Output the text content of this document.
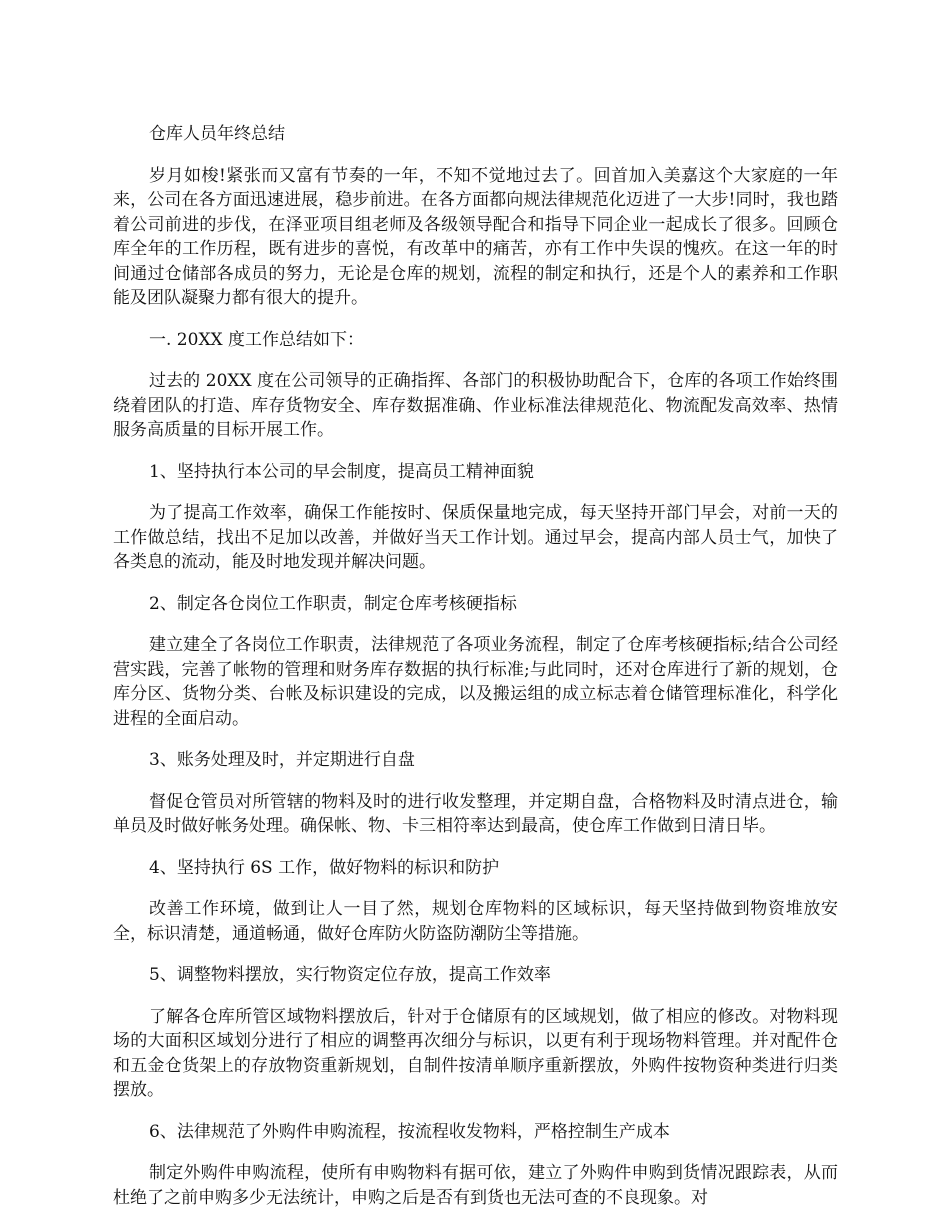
仓库人员年终总结

岁月如梭!紧张而又富有节奏的一年，不知不觉地过去了。回首加入美嘉这个大家庭的一年来，公司在各方面迅速进展，稳步前进。在各方面都向规法律规范化迈进了一大步!同时，我也踏着公司前进的步伐，在泽亚项目组老师及各级领导配合和指导下同企业一起成长了很多。回顾仓库全年的工作历程，既有进步的喜悦，有改革中的痛苦，亦有工作中失误的愧疚。在这一年的时间通过仓储部各成员的努力，无论是仓库的规划，流程的制定和执行，还是个人的素养和工作职能及团队凝聚力都有很大的提升。

一. 20XX 度工作总结如下：

过去的 20XX 度在公司领导的正确指挥、各部门的积极协助配合下，仓库的各项工作始终围绕着团队的打造、库存货物安全、库存数据准确、作业标准法律规范化、物流配发高效率、热情服务高质量的目标开展工作。

1、坚持执行本公司的早会制度，提高员工精神面貌

为了提高工作效率，确保工作能按时、保质保量地完成，每天坚持开部门早会，对前一天的工作做总结，找出不足加以改善，并做好当天工作计划。通过早会，提高内部人员士气，加快了各类息的流动，能及时地发现并解决问题。

2、制定各仓岗位工作职责，制定仓库考核硬指标

建立建全了各岗位工作职责，法律规范了各项业务流程，制定了仓库考核硬指标;结合公司经营实践，完善了帐物的管理和财务库存数据的执行标准;与此同时，还对仓库进行了新的规划，仓库分区、货物分类、台帐及标识建设的完成，以及搬运组的成立标志着仓储管理标准化，科学化进程的全面启动。

3、账务处理及时，并定期进行自盘

督促仓管员对所管辖的物料及时的进行收发整理，并定期自盘，合格物料及时清点进仓，输单员及时做好帐务处理。确保帐、物、卡三相符率达到最高，使仓库工作做到日清日毕。

4、坚持执行 6S 工作，做好物料的标识和防护

改善工作环境，做到让人一目了然，规划仓库物料的区域标识，每天坚持做到物资堆放安全，标识清楚，通道畅通，做好仓库防火防盗防潮防尘等措施。

5、调整物料摆放，实行物资定位存放，提高工作效率

了解各仓库所管区域物料摆放后，针对于仓储原有的区域规划，做了相应的修改。对物料现场的大面积区域划分进行了相应的调整再次细分与标识，以更有利于现场物料管理。并对配件仓和五金仓货架上的存放物资重新规划，自制件按清单顺序重新摆放，外购件按物资种类进行归类摆放。

6、法律规范了外购件申购流程，按流程收发物料，严格控制生产成本

制定外购件申购流程，使所有申购物料有据可依，建立了外购件申购到货情况跟踪表，从而杜绝了之前申购多少无法统计，申购之后是否有到货也无法可查的不良现象。对
